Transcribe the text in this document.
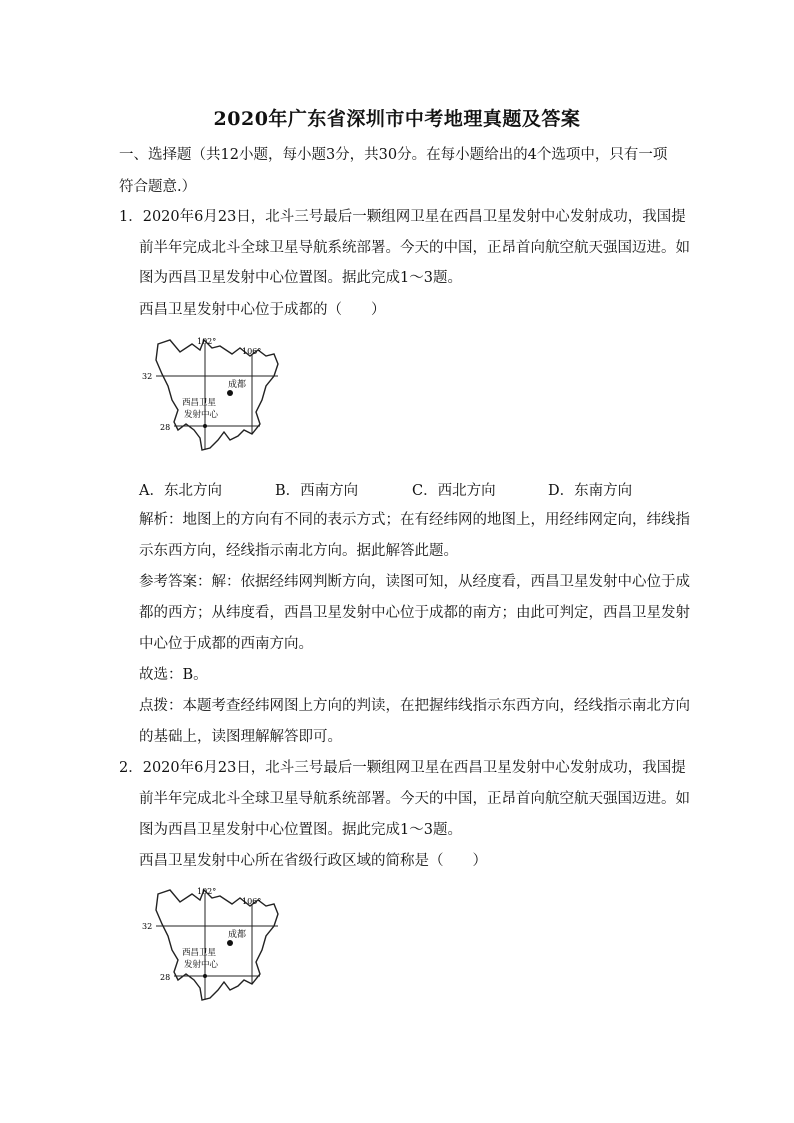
2020年广东省深圳市中考地理真题及答案
一、选择题（共12小题，每小题3分，共30分。在每小题给出的4个选项中，只有一项
符合题意.）
1．2020年6月23日，北斗三号最后一颗组网卫星在西昌卫星发射中心发射成功，我国提
前半年完成北斗全球卫星导航系统部署。今天的中国，正昂首向航空航天强国迈进。如
图为西昌卫星发射中心位置图。据此完成1～3题。
西昌卫星发射中心位于成都的（　　）
102°
106°
32
28
成都
西昌卫星
发射中心
A．东北方向	B．西南方向	C．西北方向	D．东南方向
解析：地图上的方向有不同的表示方式；在有经纬网的地图上，用经纬网定向，纬线指
示东西方向，经线指示南北方向。据此解答此题。
参考答案：解：依据经纬网判断方向，读图可知，从经度看，西昌卫星发射中心位于成
都的西方；从纬度看，西昌卫星发射中心位于成都的南方；由此可判定，西昌卫星发射
中心位于成都的西南方向。
故选：B。
点拨：本题考查经纬网图上方向的判读，在把握纬线指示东西方向，经线指示南北方向
的基础上，读图理解解答即可。
2．2020年6月23日，北斗三号最后一颗组网卫星在西昌卫星发射中心发射成功，我国提
前半年完成北斗全球卫星导航系统部署。今天的中国，正昂首向航空航天强国迈进。如
图为西昌卫星发射中心位置图。据此完成1～3题。
西昌卫星发射中心所在省级行政区域的简称是（　　）
102°
106°
32
28
成都
西昌卫星
发射中心
